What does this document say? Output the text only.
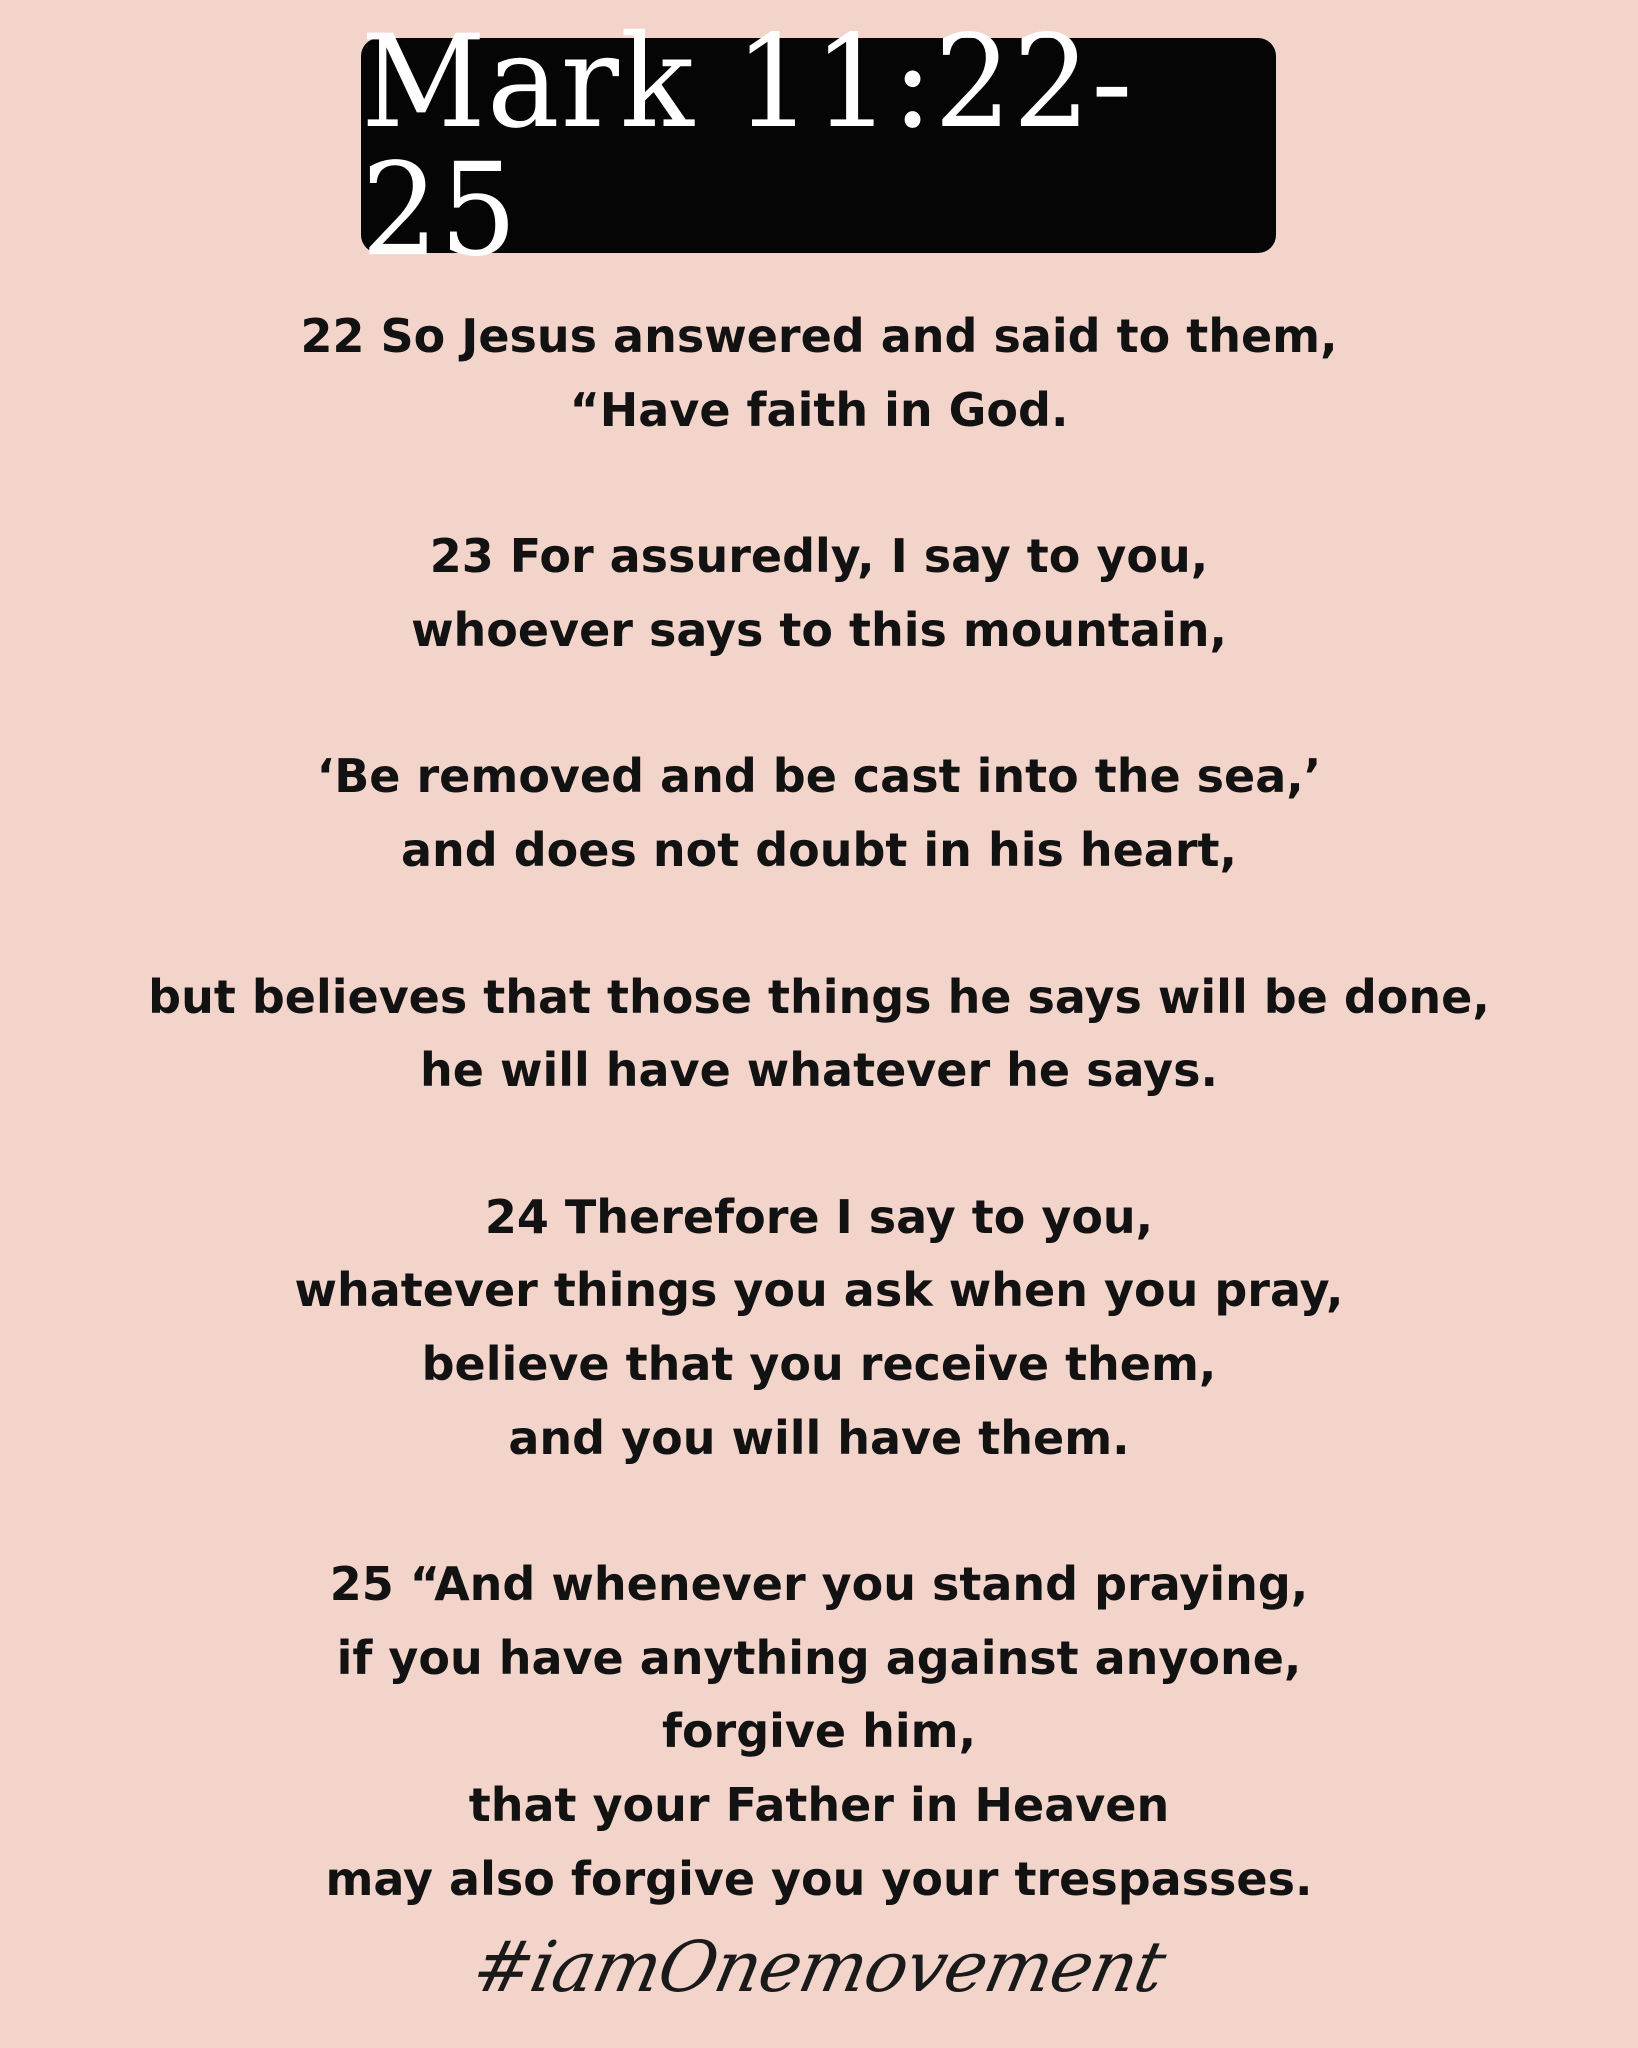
Mark 11:22-25
22 So Jesus answered and said to them,
“Have faith in God.
23 For assuredly, I say to you,
whoever says to this mountain,
‘Be removed and be cast into the sea,’
and does not doubt in his heart,
but believes that those things he says will be done,
he will have whatever he says.
24 Therefore I say to you,
whatever things you ask when you pray,
believe that you receive them,
and you will have them.
25 “And whenever you stand praying,
if you have anything against anyone,
forgive him,
that your Father in Heaven
may also forgive you your trespasses.
#iamOnemovement
